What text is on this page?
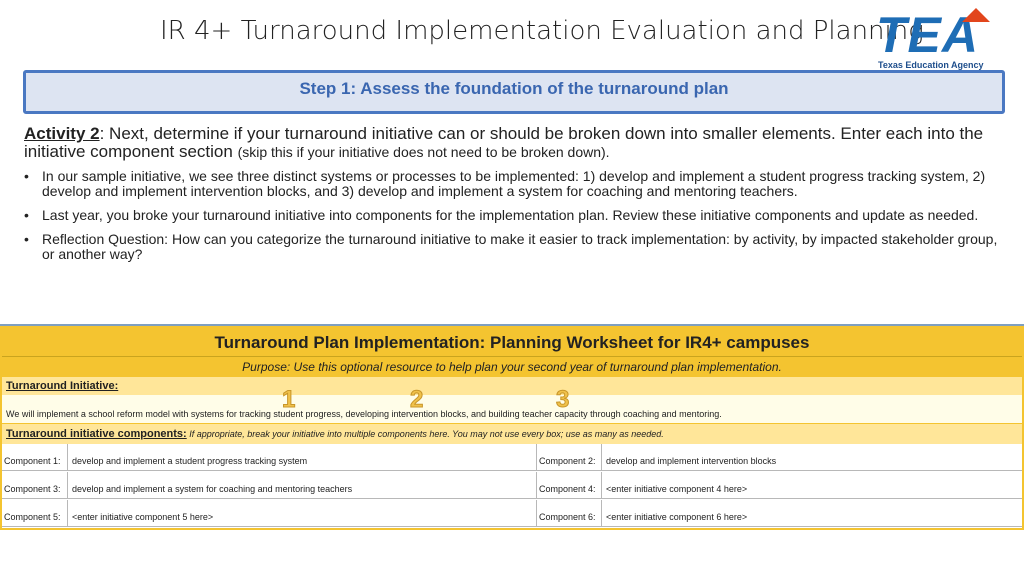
IR 4+ Turnaround Implementation Evaluation and Planning
TEA
Texas Education Agency
Step 1: Assess the foundation of the turnaround plan
Activity 2: Next, determine if your turnaround initiative can or should be broken down into smaller elements. Enter each into the initiative component section (skip this if your initiative does not need to be broken down).
• In our sample initiative, we see three distinct systems or processes to be implemented: 1) develop and implement a student progress tracking system, 2) develop and implement intervention blocks, and 3) develop and implement a system for coaching and mentoring teachers.
• Last year, you broke your turnaround initiative into components for the implementation plan. Review these initiative components and update as needed.
• Reflection Question: How can you categorize the turnaround initiative to make it easier to track implementation: by activity, by impacted stakeholder group, or another way?
Turnaround Plan Implementation: Planning Worksheet for IR4+ campuses
Purpose: Use this optional resource to help plan your second year of turnaround plan implementation.
Turnaround Initiative:
We will implement a school reform model with systems for tracking student progress, developing intervention blocks, and building teacher capacity through coaching and mentoring.
Turnaround initiative components: If appropriate, break your initiative into multiple components here. You may not use every box; use as many as needed.
Component 1:	develop and implement a student progress tracking system	Component 2:	develop and implement intervention blocks
Component 3:	develop and implement a system for coaching and mentoring teachers	Component 4:	<enter initiative component 4 here>
Component 5:	<enter initiative component 5 here>	Component 6:	<enter initiative component 6 here>
1	2	3
